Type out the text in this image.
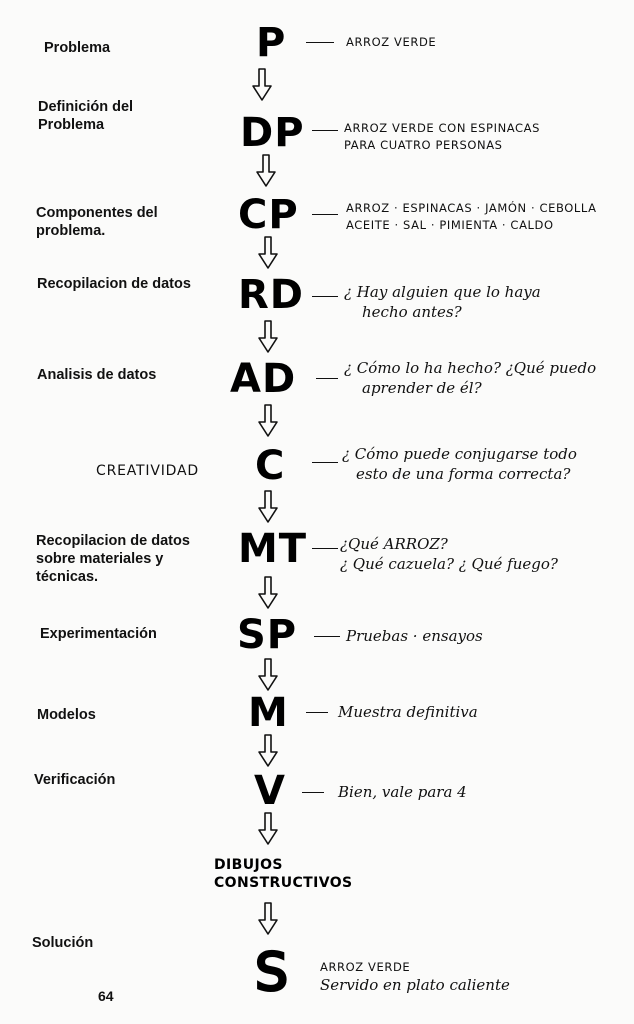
Problema
Definición del
Problema
Componentes del
problema.
Recopilacion de datos
Analisis de datos
CREATIVIDAD
Recopilacion de datos
sobre materiales y
técnicas.
Experimentación
Modelos
Verificación
Solución
64
P
DP
CP
RD
AD
C
MT
SP
M
V
DIBUJOS CONSTRUCTIVOS
S
ARROZ VERDE
ARROZ VERDE CON ESPINACAS
PARA CUATRO PERSONAS
ARROZ · ESPINACAS · JAMÓN · CEBOLLA
ACEITE · SAL · PIMIENTA · CALDO
¿ Hay alguien que lo haya
hecho antes?
¿ Cómo lo ha hecho? ¿Qué puedo
aprender de él?
¿ Cómo puede conjugarse todo
esto de una forma correcta?
¿Qué ARROZ?
¿ Qué cazuela? ¿ Qué fuego?
Pruebas · ensayos
Muestra definitiva
Bien, vale para 4
ARROZ VERDE
Servido en plato caliente
